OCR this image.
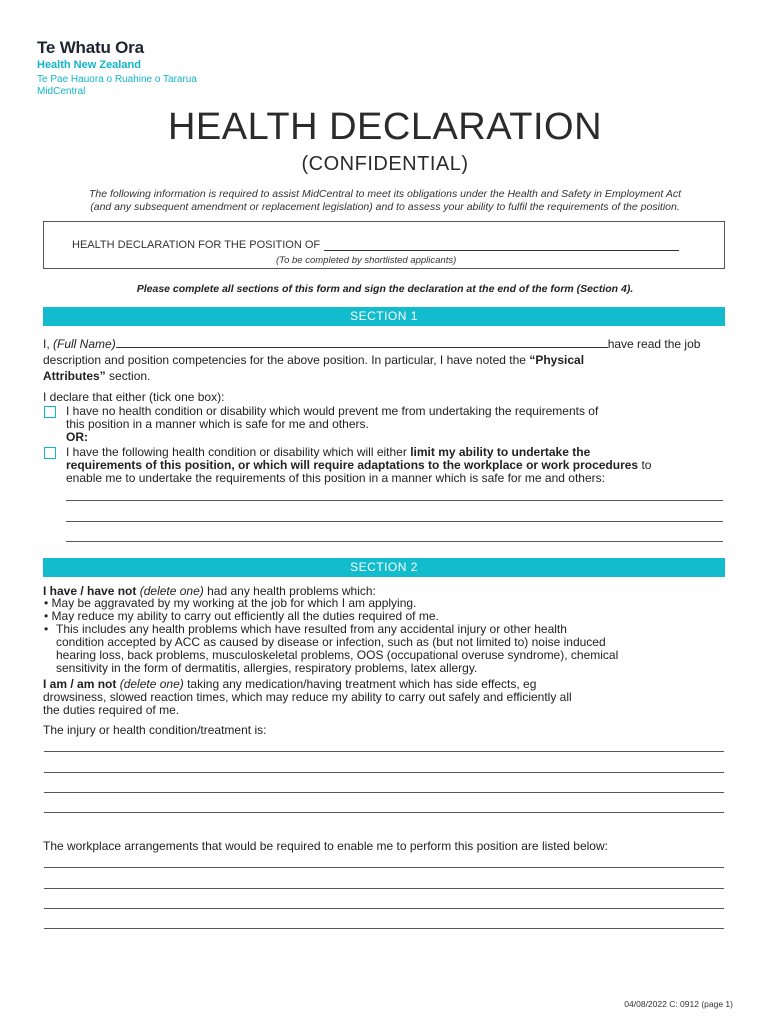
Te Whatu Ora
Health New Zealand
Te Pae Hauora o Ruahine o Tararua
MidCentral
HEALTH DECLARATION
(CONFIDENTIAL)
The following information is required to assist MidCentral to meet its obligations under the Health and Safety in Employment Act
(and any subsequent amendment or replacement legislation) and to assess your ability to fulfil the requirements of the position.
HEALTH DECLARATION FOR THE POSITION OF
(To be completed by shortlisted applicants)
Please complete all sections of this form and sign the declaration at the end of the form (Section 4).
SECTION 1
I, (Full Name)	have read the job
description and position competencies for the above position. In particular, I have noted the “Physical
Attributes” section.
I declare that either (tick one box):
I have no health condition or disability which would prevent me from undertaking the requirements of
this position in a manner which is safe for me and others.
OR:
I have the following health condition or disability which will either limit my ability to undertake the
requirements of this position, or which will require adaptations to the workplace or work procedures to
enable me to undertake the requirements of this position in a manner which is safe for me and others:
SECTION 2
I have / have not (delete one) had any health problems which:
• May be aggravated by my working at the job for which I am applying.
• May reduce my ability to carry out efficiently all the duties required of me.
• This includes any health problems which have resulted from any accidental injury or other health
condition accepted by ACC as caused by disease or infection, such as (but not limited to) noise induced
hearing loss, back problems, musculoskeletal problems, OOS (occupational overuse syndrome), chemical
sensitivity in the form of dermatitis, allergies, respiratory problems, latex allergy.
I am / am not (delete one) taking any medication/having treatment which has side effects, eg
drowsiness, slowed reaction times, which may reduce my ability to carry out safely and efficiently all
the duties required of me.
The injury or health condition/treatment is:
The workplace arrangements that would be required to enable me to perform this position are listed below:
04/08/2022 C: 0912 (page 1)
